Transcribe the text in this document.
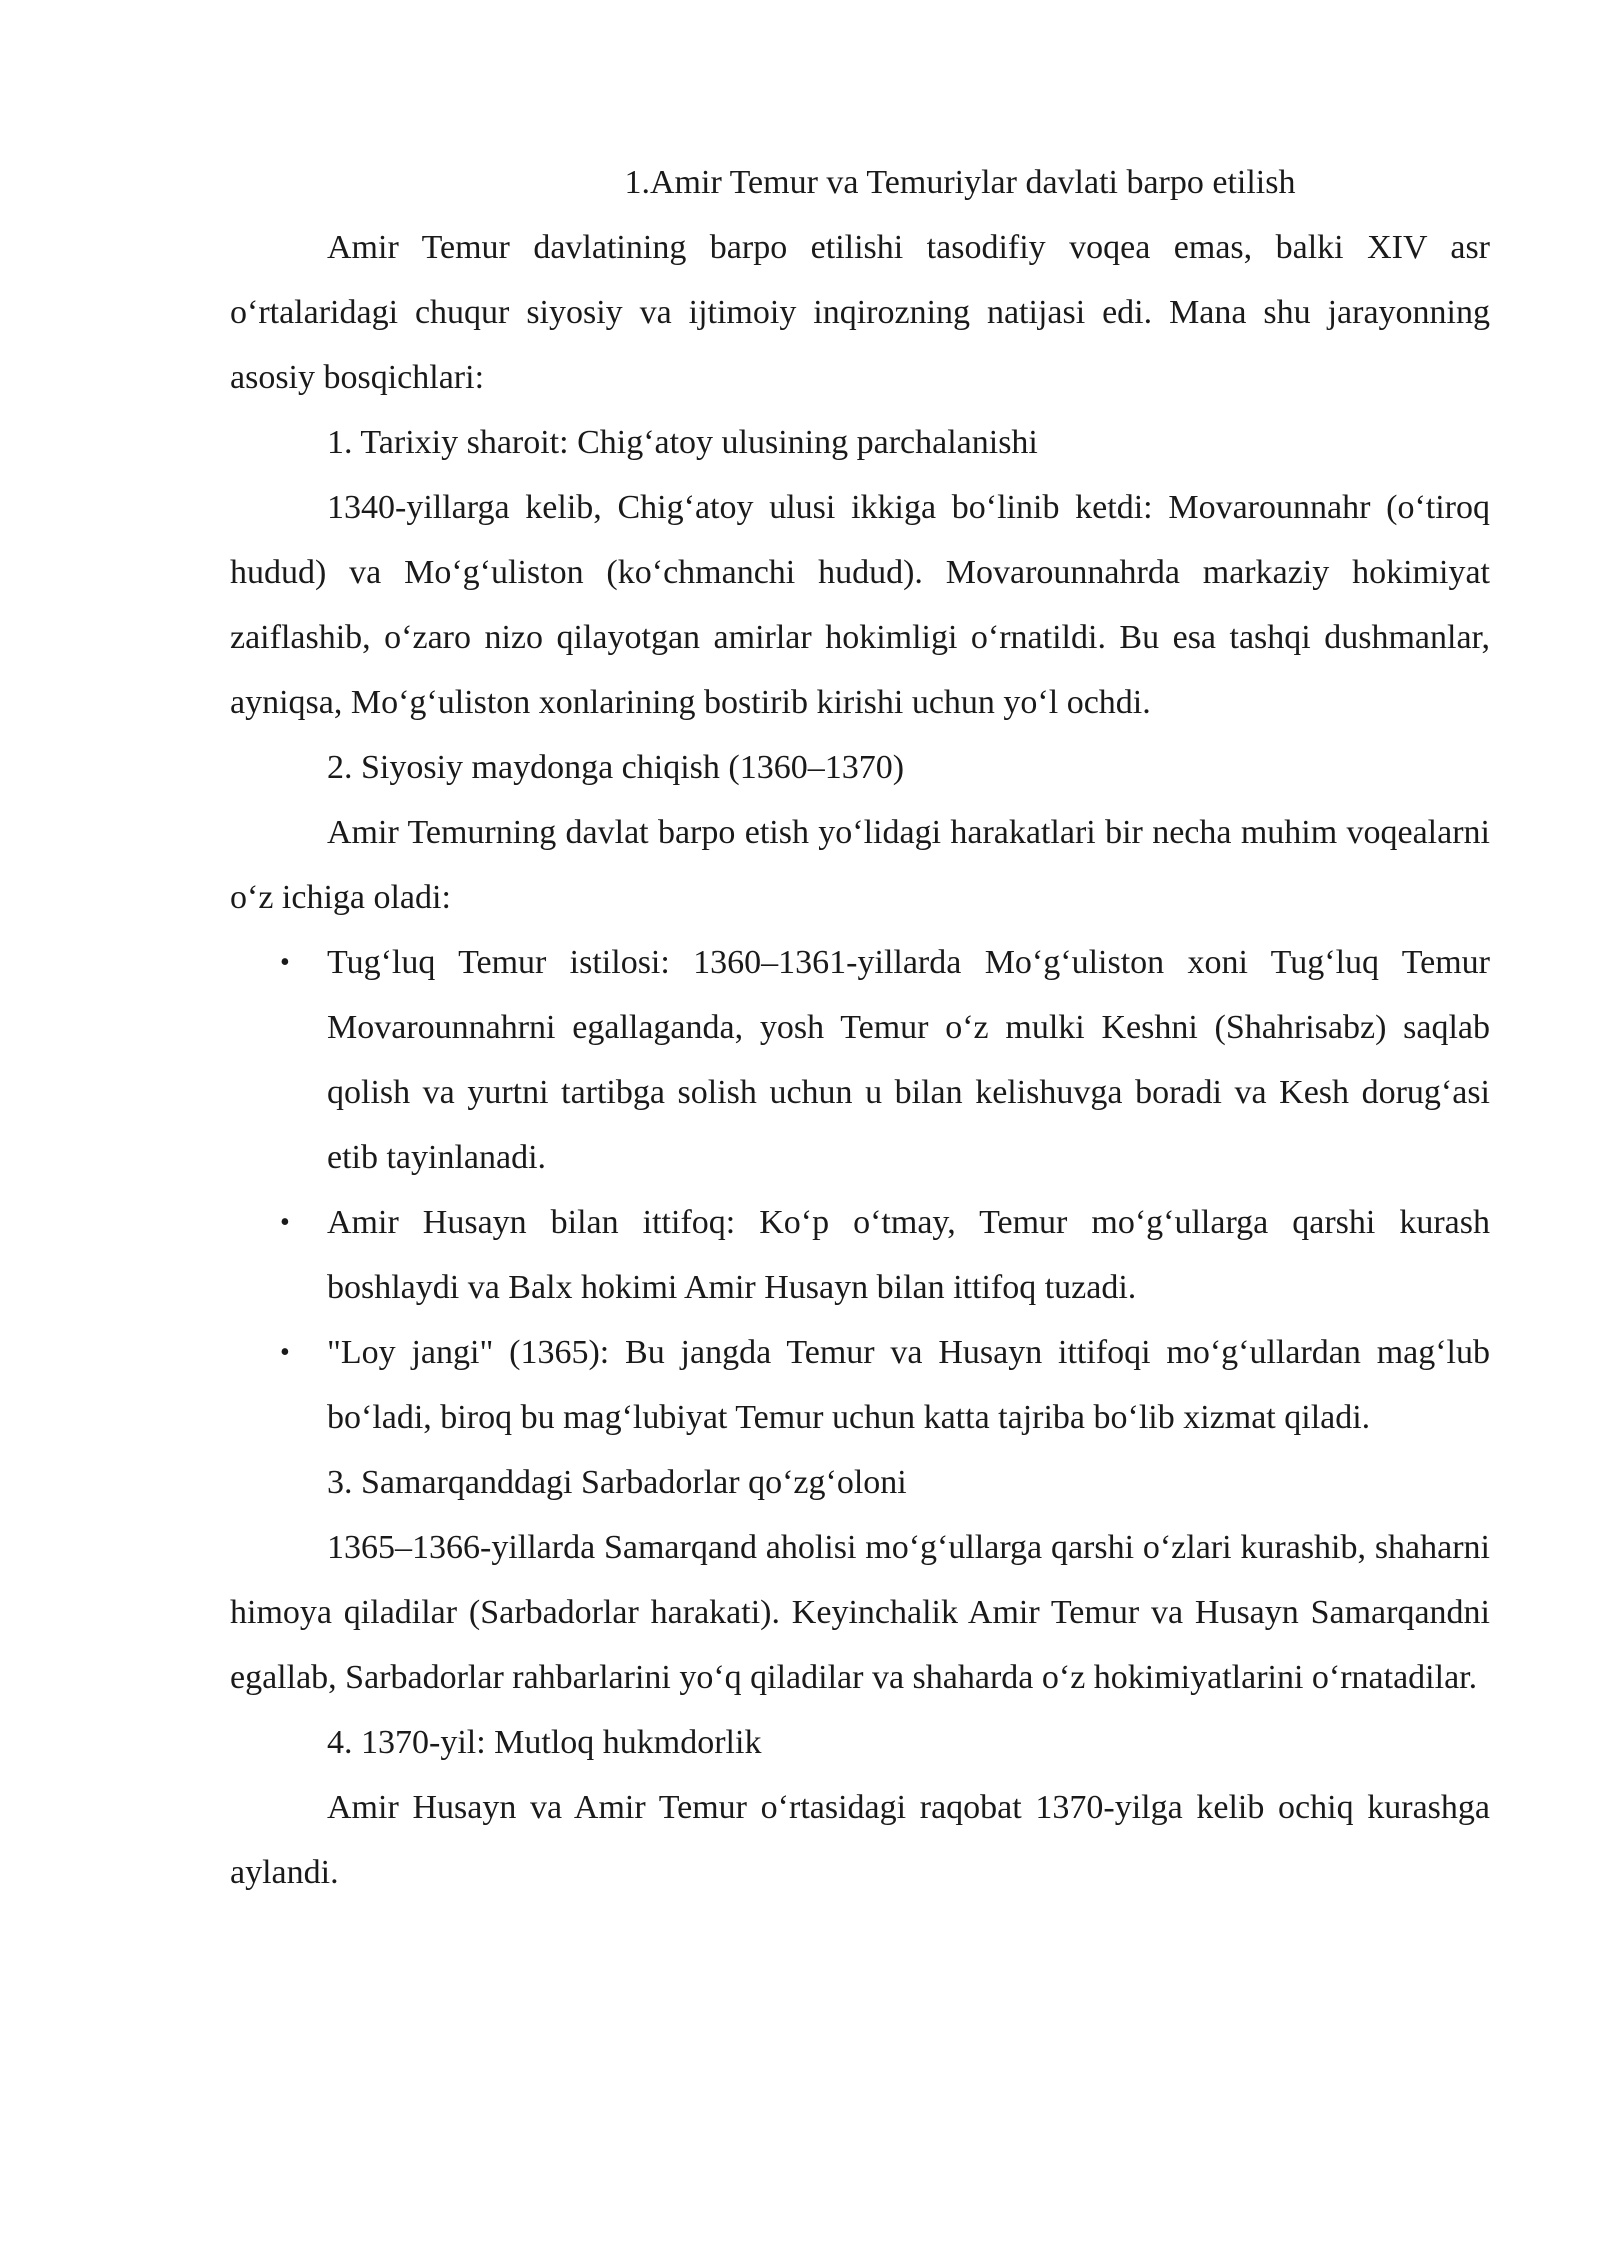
1.Amir Temur va Temuriylar davlati barpo etilish

Amir Temur davlatining barpo etilishi tasodifiy voqea emas, balki XIV asr oʻrtalaridagi chuqur siyosiy va ijtimoiy inqirozning natijasi edi. Mana shu jarayonning asosiy bosqichlari:

1. Tarixiy sharoit: Chigʻatoy ulusining parchalanishi

1340-yillarga kelib, Chigʻatoy ulusi ikkiga boʻlinib ketdi: Movarounnahr (oʻtiroq hudud) va Moʻgʻuliston (koʻchmanchi hudud). Movarounnahrda markaziy hokimiyat zaiflashib, oʻzaro nizo qilayotgan amirlar hokimligi oʻrnatildi. Bu esa tashqi dushmanlar, ayniqsa, Moʻgʻuliston xonlarining bostirib kirishi uchun yoʻl ochdi.

2. Siyosiy maydonga chiqish (1360–1370)

Amir Temurning davlat barpo etish yoʻlidagi harakatlari bir necha muhim voqealarni oʻz ichiga oladi:

• Tugʻluq Temur istilosi: 1360–1361-yillarda Moʻgʻuliston xoni Tugʻluq Temur Movarounnahrni egallaganda, yosh Temur oʻz mulki Keshni (Shahrisabz) saqlab qolish va yurtni tartibga solish uchun u bilan kelishuvga boradi va Kesh dorugʻasi etib tayinlanadi.
• Amir Husayn bilan ittifoq: Koʻp oʻtmay, Temur moʻgʻullarga qarshi kurash boshlaydi va Balx hokimi Amir Husayn bilan ittifoq tuzadi.
• "Loy jangi" (1365): Bu jangda Temur va Husayn ittifoqi moʻgʻullardan magʻlub boʻladi, biroq bu magʻlubiyat Temur uchun katta tajriba boʻlib xizmat qiladi.

3. Samarqanddagi Sarbadorlar qoʻzgʻoloni

1365–1366-yillarda Samarqand aholisi moʻgʻullarga qarshi oʻzlari kurashib, shaharni himoya qiladilar (Sarbadorlar harakati). Keyinchalik Amir Temur va Husayn Samarqandni egallab, Sarbadorlar rahbarlarini yoʻq qiladilar va shaharda oʻz hokimiyatlarini oʻrnatadilar.

4. 1370-yil: Mutloq hukmdorlik

Amir Husayn va Amir Temur oʻrtasidagi raqobat 1370-yilga kelib ochiq kurashga aylandi.
